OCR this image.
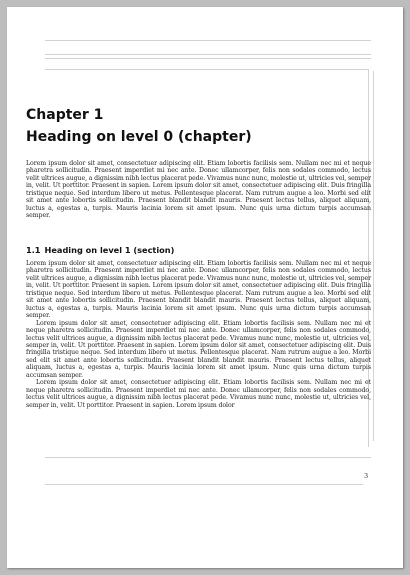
Chapter 1
Heading on level 0 (chapter)

Lorem ipsum dolor sit amet, consectetuer adipiscing elit. Etiam lobortis facilisis sem. Nullam nec mi et neque pharetra sollicitudin. Praesent imperdiet mi nec ante. Donec ullamcorper, felis non sodales commodo, lectus velit ultrices augue, a dignissim nibh lectus placerat pede. Vivamus nunc nunc, molestie ut, ultricies vel, semper in, velit. Ut porttitor. Praesent in sapien. Lorem ipsum dolor sit amet, consectetuer adipiscing elit. Duis fringilla tristique neque. Sed interdum libero ut metus. Pellentesque placerat. Nam rutrum augue a leo. Morbi sed elit sit amet ante lobortis sollicitudin. Praesent blandit blandit mauris. Praesent lectus tellus, aliquet aliquam, luctus a, egestas a, turpis. Mauris lacinia lorem sit amet ipsum. Nunc quis urna dictum turpis accumsan semper.

1.1 Heading on level 1 (section)

Lorem ipsum dolor sit amet, consectetuer adipiscing elit. Etiam lobortis facilisis sem. Nullam nec mi et neque pharetra sollicitudin. Praesent imperdiet mi nec ante. Donec ullamcorper, felis non sodales commodo, lectus velit ultrices augue, a dignissim nibh lectus placerat pede. Vivamus nunc nunc, molestie ut, ultricies vel, semper in, velit. Ut porttitor. Praesent in sapien. Lorem ipsum dolor sit amet, consectetuer adipiscing elit. Duis fringilla tristique neque. Sed interdum libero ut metus. Pellentesque placerat. Nam rutrum augue a leo. Morbi sed elit sit amet ante lobortis sollicitudin. Praesent blandit blandit mauris. Praesent lectus tellus, aliquet aliquam, luctus a, egestas a, turpis. Mauris lacinia lorem sit amet ipsum. Nunc quis urna dictum turpis accumsan semper.

Lorem ipsum dolor sit amet, consectetuer adipiscing elit. Etiam lobortis facilisis sem. Nullam nec mi et neque pharetra sollicitudin. Praesent imperdiet mi nec ante. Donec ullamcorper, felis non sodales commodo, lectus velit ultrices augue, a dignissim nibh lectus placerat pede. Vivamus nunc nunc, molestie ut, ultricies vel, semper in, velit. Ut porttitor. Praesent in sapien. Lorem ipsum dolor sit amet, consectetuer adipiscing elit. Duis fringilla tristique neque. Sed interdum libero ut metus. Pellentesque placerat. Nam rutrum augue a leo. Morbi sed elit sit amet ante lobortis sollicitudin. Praesent blandit blandit mauris. Praesent lectus tellus, aliquet aliquam, luctus a, egestas a, turpis. Mauris lacinia lorem sit amet ipsum. Nunc quis urna dictum turpis accumsan semper.

Lorem ipsum dolor sit amet, consectetuer adipiscing elit. Etiam lobortis facilisis sem. Nullam nec mi et neque pharetra sollicitudin. Praesent imperdiet mi nec ante. Donec ullamcorper, felis non sodales commodo, lectus velit ultrices augue, a dignissim nibh lectus placerat pede. Vivamus nunc nunc, molestie ut, ultricies vel, semper in, velit. Ut porttitor. Praesent in sapien. Lorem ipsum dolor

3
